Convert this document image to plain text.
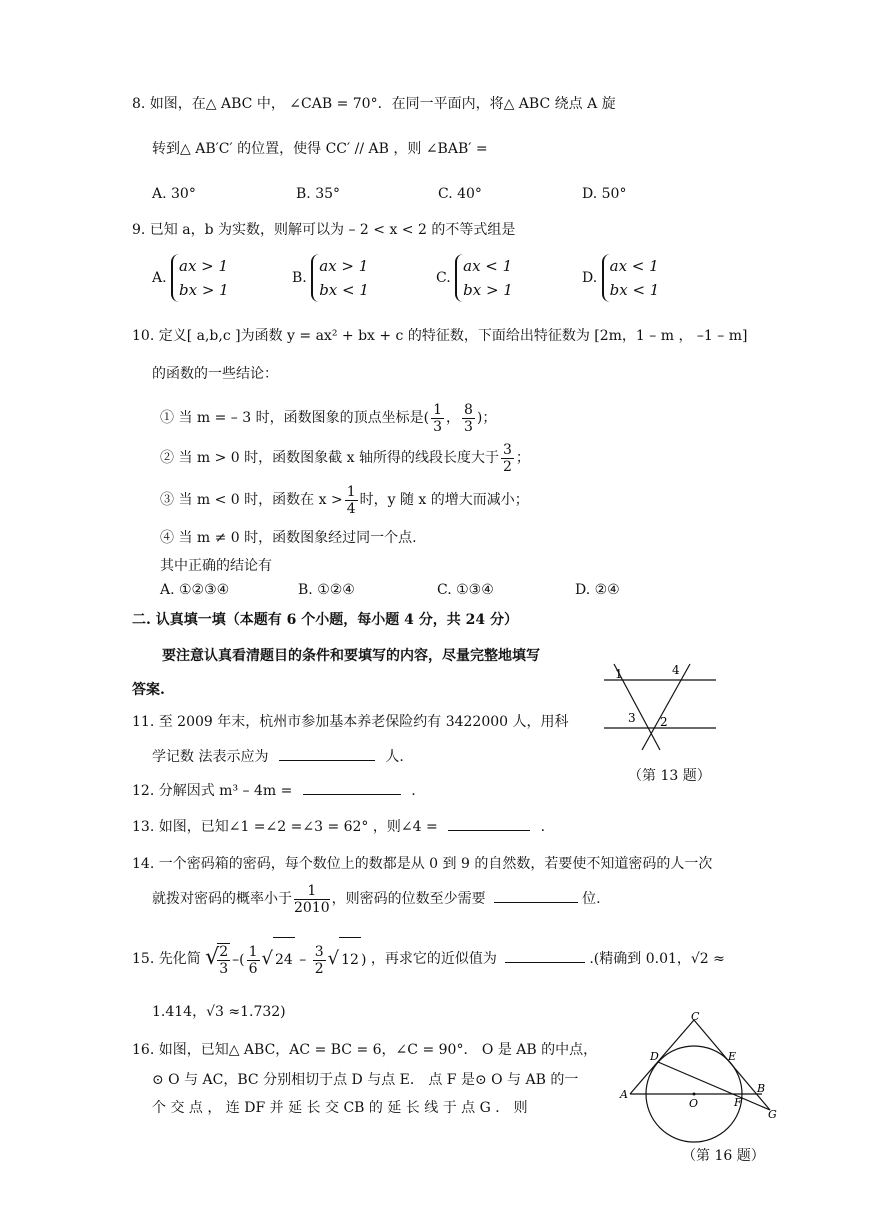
8. 如图，在△ ABC 中， ∠CAB = 70°．在同一平面内，将△ ABC 绕点 A 旋
转到△ AB′C′ 的位置，使得 CC′ // AB ，则 ∠BAB′ =
A. 30°	B. 35°	C. 40°	D. 50°
9. 已知 a，b 为实数，则解可以为 – 2 < x < 2 的不等式组是
A.
ax > 1
bx > 1
B.
ax > 1
bx < 1
C.
ax < 1
bx > 1
D.
ax < 1
bx < 1
10. 定义[ a,b,c ]为函数 y = ax² + bx + c 的特征数，下面给出特征数为 [2m，1 – m ， –1 – m]
的函数的一些结论：
① 当 m = – 3 时，函数图象的顶点坐标是( $\frac{1}{3}$ ， $\frac{8}{3}$ )；
② 当 m > 0 时，函数图象截 x 轴所得的线段长度大于 $\frac{3}{2}$ ；
③ 当 m < 0 时，函数在 $x > \frac{1}{4}$ 时，y 随 x 的增大而减小；
④ 当 m ≠ 0 时，函数图象经过同一个点.
其中正确的结论有
A. ①②③④	B. ①②④	C. ①③④	D. ②④
二. 认真填一填（本题有 6 个小题，每小题 4 分，共 24 分）
要注意认真看清题目的条件和要填写的内容，尽量完整地填写
答案.
1	4
3 2
（第 13 题）
11. 至 2009 年末，杭州市参加基本养老保险约有 3422000 人，用科
学记数 法表示应为	人.
12. 分解因式 m³ – 4m =	.
13. 如图，已知∠1 =∠2 =∠3 = 62° ，则∠4 =	.
14. 一个密码箱的密码，每个数位上的数都是从 0 到 9 的自然数，若要使不知道密码的人一次
就拨对密码的概率小于 $\frac{1}{2010}$ ，则密码的位数至少需要	位.
15. 先化简 √
$\frac{2}{3}$ –( $\frac{1}{6}$ √ $24 - \frac{3}{2}$ √ 12 ) ，再求它的近似值为	.(精确到 0.01，√2 ≈
1.414，√3 ≈1.732)
16. 如图，已知△ ABC，AC = BC = 6，∠C = 90°． O 是 AB 的中点，
⊙ O 与 AC，BC 分别相切于点 D 与点 E． 点 F 是⊙ O 与 AB 的一
个 交 点 ， 连 DF 并 延 长 交 CB 的 延 长 线 于 点 G ． 则
C
D	E
B
A
O	F
G
（第 16 题）
